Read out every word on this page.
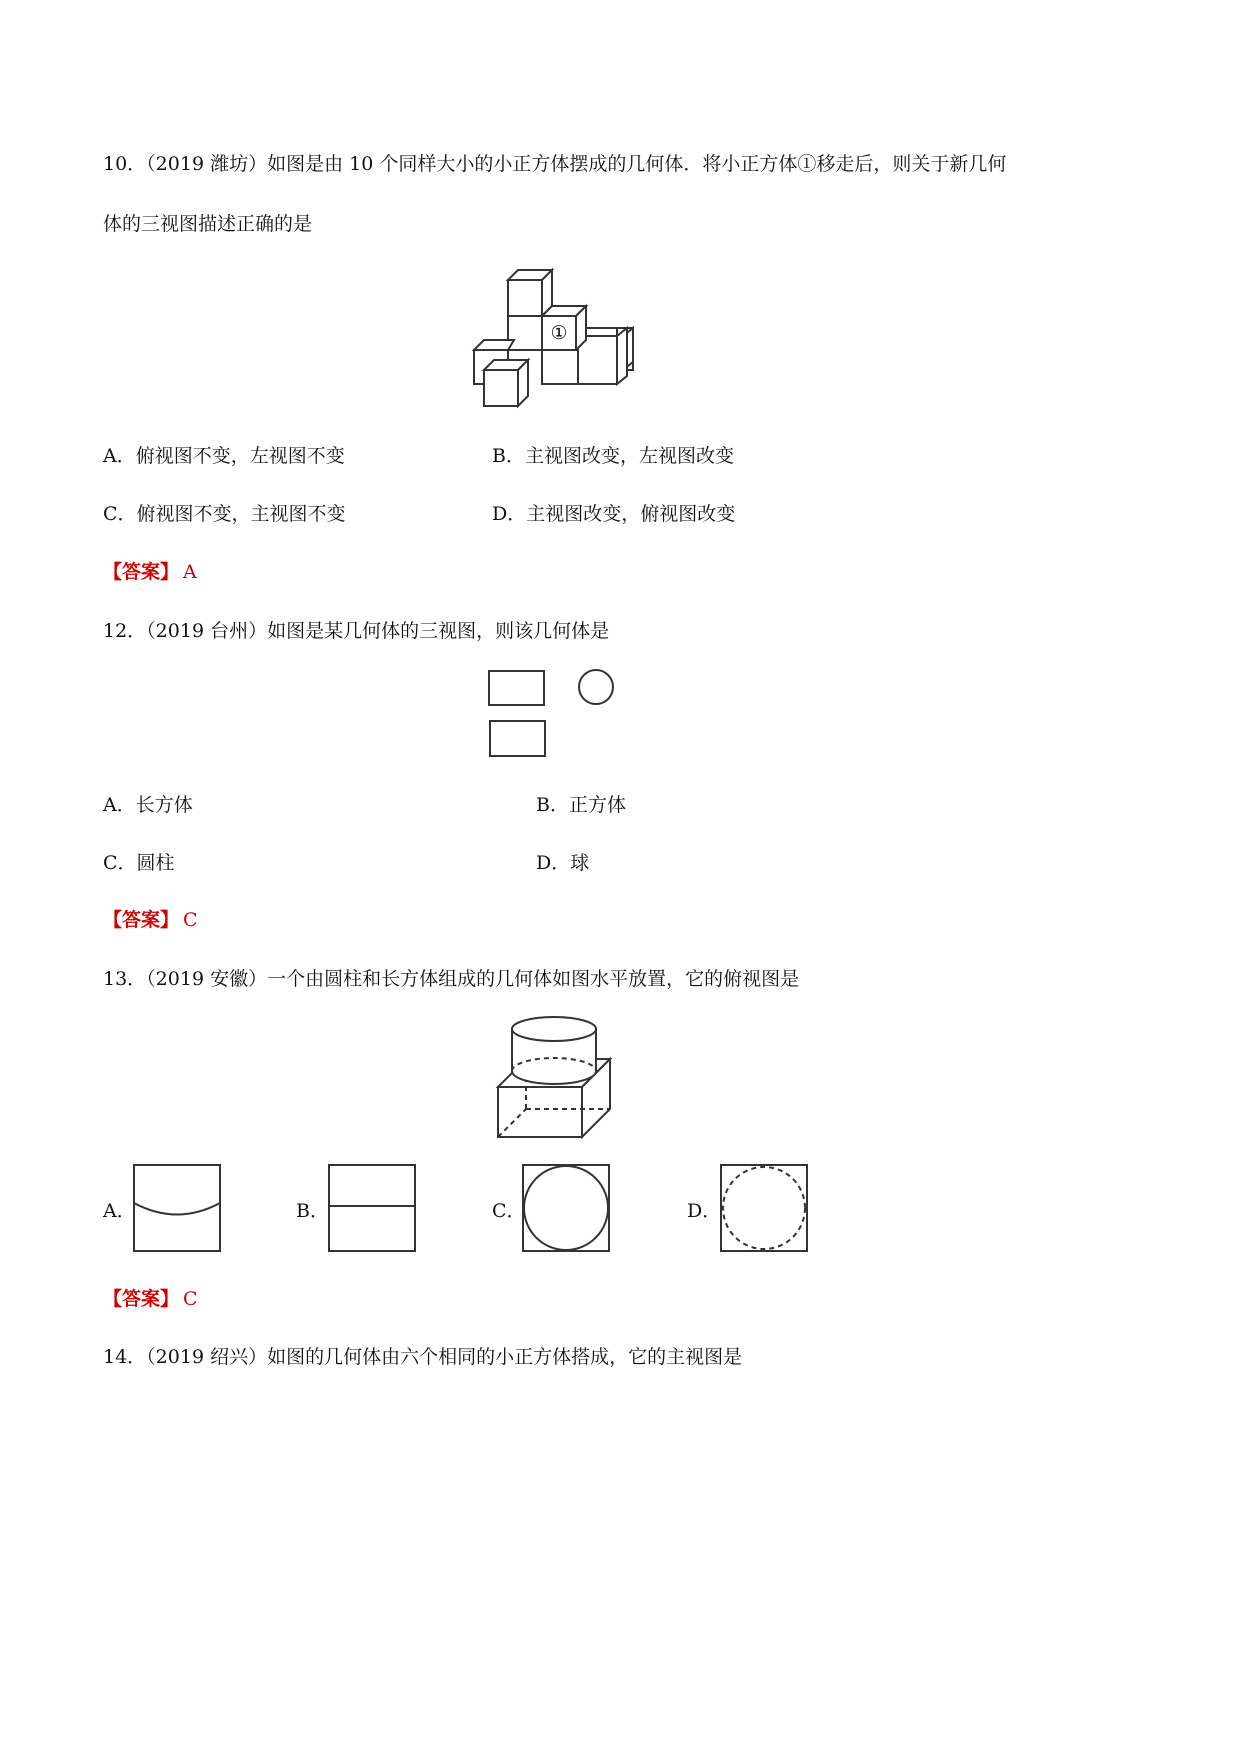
10．（2019 潍坊）如图是由 10 个同样大小的小正方体摆成的几何体．将小正方体①移走后，则关于新几何
体的三视图描述正确的是
①
A．俯视图不变，左视图不变	B．主视图改变，左视图改变
C．俯视图不变，主视图不变	D．主视图改变，俯视图改变
【答案】 A
12．（2019 台州）如图是某几何体的三视图，则该几何体是
A．长方体	B．正方体
C．圆柱	D．球
【答案】 C
13．（2019 安徽）一个由圆柱和长方体组成的几何体如图水平放置，它的俯视图是
A．	B．	C．	D．
【答案】 C
14．（2019 绍兴）如图的几何体由六个相同的小正方体搭成，它的主视图是
